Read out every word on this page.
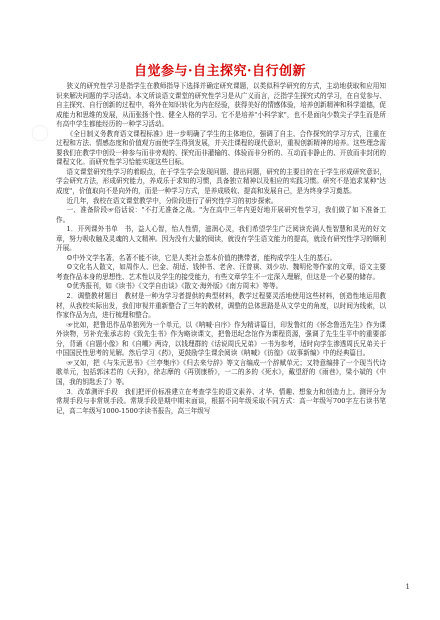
自觉参与·自主探究·自行创新

狭义的研究性学习是指学生在教师指导下选择并确定研究课题，以类似科学研究的方式，主动地获取和应用知识来解决问题的学习活动。本文所谈语文课堂的研究性学习是从广义而言，泛指学生探究式的学习，在自觉参与、自主探究、自行创新的过程中，将外在知识转化为内在经验，获得美好的情感体验，培养创新精神和科学道德，促成能力和思维的发展，从而张扬个性、健全人格的学习。它不是培养"小科学家"，也不是面向少数尖子学生而是所有高中学生都能经历的一种学习活动。

《全日制义务教育语文课程标准》进一步明确了学生的主体地位，强调了自主、合作探究的学习方式，注重在过程和方法、情感态度和价值观方面使学生得到发展，并关注课程的现代意识，重视创新精神的培养。这些理念需要我们在教学中创设一种参与而非旁观的、探究而非灌输的、体验而非分析的、互动而非静止的、开放而非封闭的课程文化。而研究性学习恰能实现这些目标。

语文课堂研究性学习的着眼点，在于学生学会发现问题、提出问题，研究的主要目的在于学生形成研究意识，学会研究方法，形成研究能力，养成乐于求知的习惯，具备独立精神以及相应的实践习惯。研究不是追求某种"达成度"，价值取向不是向外的，而是一种学习方式，是养成吸收、提高和发展自己，是为终身学习奠基。

近几年，我校在语文课堂教学中，分阶段进行了研究性学习的初步探索。

一、准备阶段☞俗话说："不打无准备之战。"为在高中三年内更好地开展研究性学习，我们做了如下准备工作。

1．开列课外书单　书，益人心智，怡人性情，滋润心灵，我们希望学生广泛阅读充满人性智慧和灵光的好文章，努力吸收触及灵魂的人文精神。因为没有大量的阅读，就没有学生语文能力的提高，就没有研究性学习的顺利开展。

☺中外文学名著，名著不能不读，它是人类社会基本价值的携带者，能构成学生人生的基石。

☺文化名人散文，如周作人、巴金、胡适、钱钟书、老舍、汪曾祺、刘少功、魏明伦等作家的文章，语文主要考查作品本身的思想性、艺术性以及学生的接受能力，有些文章学生不一定深入理解，但这是一个必要的储存。

☺优秀报刊，如《读书》《文学自由谈》《散文·海外版》《南方周末》等等。

2．调整教材题目　教材是一种为学习者提供的典型材料，教学过程要灵活地使用这些材料，创造性地运用教材，从我校实际出发，我们审视并重新整合了三年的教材，调整的总体思路是从文学史的角度，以时间为线索，以作家作品为点，进行梳理和整合。

☞比如，把鲁迅作品单独列为一个单元，以《呐喊·自序》作为精讲篇目，印发鲁红的《怀念鲁迅先生》作为课外读物，另补充张承志的《致先生书》作为略读课文，把鲁迅纪念馆作为课程资源，强调了先生生平中的重要部分，背诵《自题小像》和《自嘲》两诗，以钱理群的《话说周氏兄弟》一书为参考，适时向学生渗透周氏兄弟关于中国国民性思考的见解。然后学习《药》，更鼓励学生课余阅读《呐喊》《彷徨》《故事新编》中的经典篇目。

☞又如，把《与朱元思书》《兰亭集序》《归去来兮辞》等文言编成一个辞赋单元；又特意编排了一个现当代诗歌单元，包括郭沫若的《天狗》，徐志摩的《再别康桥》，一二的多的《死水》，戴望舒的《雨巷》，梁小斌的《中国，我的钥匙丢了》等。

3．改革测评手段　我们把评价标准建立在考查学生的语文素养、才华、情趣、想象力和创造力上。测评分为常规手段与非常规手段。常规手段是期中期末面谈，根据不同年级采取不同方式：高一年级写700字左右读书笔记，高二年级写1000-1500字读书报告，高三年级写

1
